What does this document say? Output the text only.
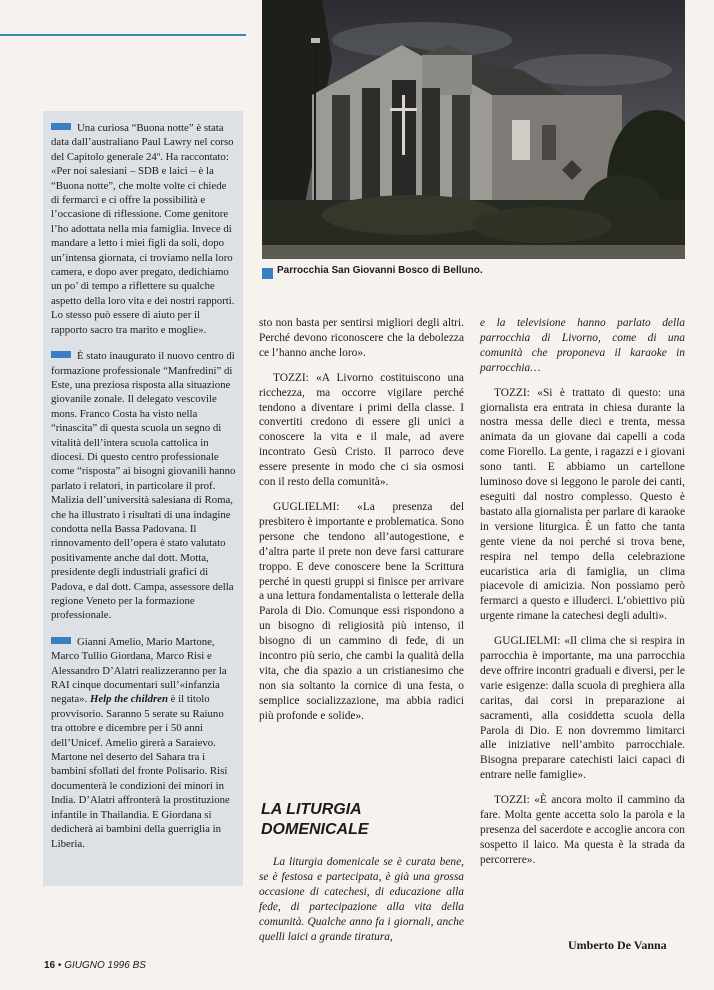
Una curiosa “Buona notte” è stata data dall’australiano Paul Lawry nel corso del Capitolo generale 24º. Ha raccontato: «Per noi salesiani – SDB e laici – è la “Buona notte”, che molte volte ci chiede di fermarci e ci offre la possibilità e l’occasione di riflessione. Come genitore l’ho adottata nella mia famiglia. Invece di mandare a letto i miei figli da soli, dopo un’intensa giornata, ci troviamo nella loro camera, e dopo aver pregato, dedichiamo un po’ di tempo a riflettere su qualche aspetto della loro vita e dei nostri rapporti. Lo stesso può essere di aiuto per il rapporto sacro tra marito e moglie».

È stato inaugurato il nuovo centro di formazione professionale “Manfredini” di Este, una preziosa risposta alla situazione giovanile zonale. Il delegato vescovile mons. Franco Costa ha visto nella “rinascita” di questa scuola un segno di vitalità dell’intera scuola cattolica in diocesi. Di questo centro professionale come “risposta” ai bisogni giovanili hanno parlato i relatori, in particolare il prof. Malizia dell’università salesiana di Roma, che ha illustrato i risultati di una indagine condotta nella Bassa Padovana. Il rinnovamento dell’opera è stato valutato positivamente anche dal dott. Motta, presidente degli industriali grafici di Padova, e dal dott. Campa, assessore della regione Veneto per la formazione professionale.

Gianni Amelio, Mario Martone, Marco Tullio Giordana, Marco Risi e Alessandro D’Alatri realizzeranno per la RAI cinque documentari sull’«infanzia negata». Help the children è il titolo provvisorio. Saranno 5 serate su Raiuno tra ottobre e dicembre per i 50 anni dell’Unicef. Amelio girerà a Saraievo. Martone nel deserto del Sahara tra i bambini sfollati del fronte Polisario. Risi documenterà le condizioni dei minori in India. D’Alatri affronterà la prostituzione infantile in Thailandia. E Giordana si dedicherà ai bambini della guerriglia in Liberia.

Parrocchia San Giovanni Bosco di Belluno.

sto non basta per sentirsi migliori degli altri. Perché devono riconoscere che la debolezza ce l’hanno anche loro».

TOZZI: «A Livorno costituiscono una ricchezza, ma occorre vigilare perché tendono a diventare i primi della classe. I convertiti credono di essere gli unici a conoscere la vita e il male, ad avere incontrato Gesù Cristo. Il parroco deve essere presente in modo che ci sia osmosi con il resto della comunità».

GUGLIELMI: «La presenza del presbitero è importante e problematica. Sono persone che tendono all’autogestione, e d’altra parte il prete non deve farsi catturare troppo. E deve conoscere bene la Scrittura perché in questi gruppi si finisce per arrivare a una lettura fondamentalista o letterale della Parola di Dio. Comunque essi rispondono a un bisogno di religiosità più intenso, il bisogno di un cammino di fede, di un incontro più serio, che cambi la qualità della vita, che dia spazio a un cristianesimo che non sia soltanto la cornice di una festa, o semplice socializzazione, ma abbia radici più profonde e solide».

LA LITURGIA DOMENICALE

La liturgia domenicale se è curata bene, se è festosa e partecipata, è già una grossa occasione di catechesi, di educazione alla fede, di partecipazione alla vita della comunità. Qualche anno fa i giornali, anche quelli laici a grande tiratura,

e la televisione hanno parlato della parrocchia di Livorno, come di una comunità che proponeva il karaoke in parrocchia…

TOZZI: «Si è trattato di questo: una giornalista era entrata in chiesa durante la nostra messa delle dieci e trenta, messa animata da un giovane dai capelli a coda come Fiorello. La gente, i ragazzi e i giovani sono tanti. E abbiamo un cartellone luminoso dove si leggono le parole dei canti, eseguiti dal nostro complesso. Questo è bastato alla giornalista per parlare di karaoke in versione liturgica. È un fatto che tanta gente viene da noi perché si trova bene, respira nel tempo della celebrazione eucaristica aria di famiglia, un clima piacevole di amicizia. Non possiamo però fermarci a questo e illuderci. L’obiettivo più urgente rimane la catechesi degli adulti».

GUGLIELMI: «Il clima che si respira in parrocchia è importante, ma una parrocchia deve offrire incontri graduali e diversi, per le varie esigenze: dalla scuola di preghiera alla caritas, dai corsi in preparazione ai sacramenti, alla cosiddetta scuola della Parola di Dio. E non dovremmo limitarci alle iniziative nell’ambito parrocchiale. Bisogna preparare catechisti laici capaci di entrare nelle famiglie».

TOZZI: «È ancora molto il cammino da fare. Molta gente accetta solo la parola e la presenza del sacerdote e accoglie ancora con sospetto il laico. Ma questa è la strada da percorrere».

Umberto De Vanna
16 • GIUGNO 1996 BS
